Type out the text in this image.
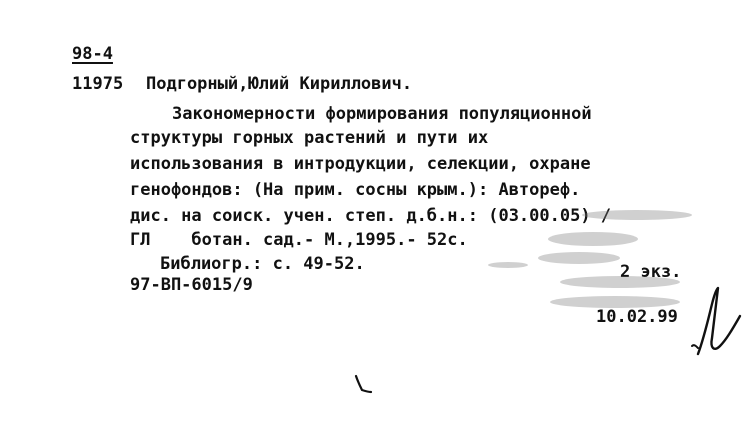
98-4
11975 Подгорный,Юлий Кириллович.
Закономерности формирования популяционной
структуры горных растений и пути их
использования в интродукции, селекции, охране
генофондов: (На прим. сосны крым.): Автореф.
дис. на соиск. учен. степ. д.б.н.: (03.00.05) /
ГЛ    ботан. сад.- М.,1995.- 52с.
Библиогр.: с. 49-52.
97-ВП-6015/9
2 экз.
10.02.99
